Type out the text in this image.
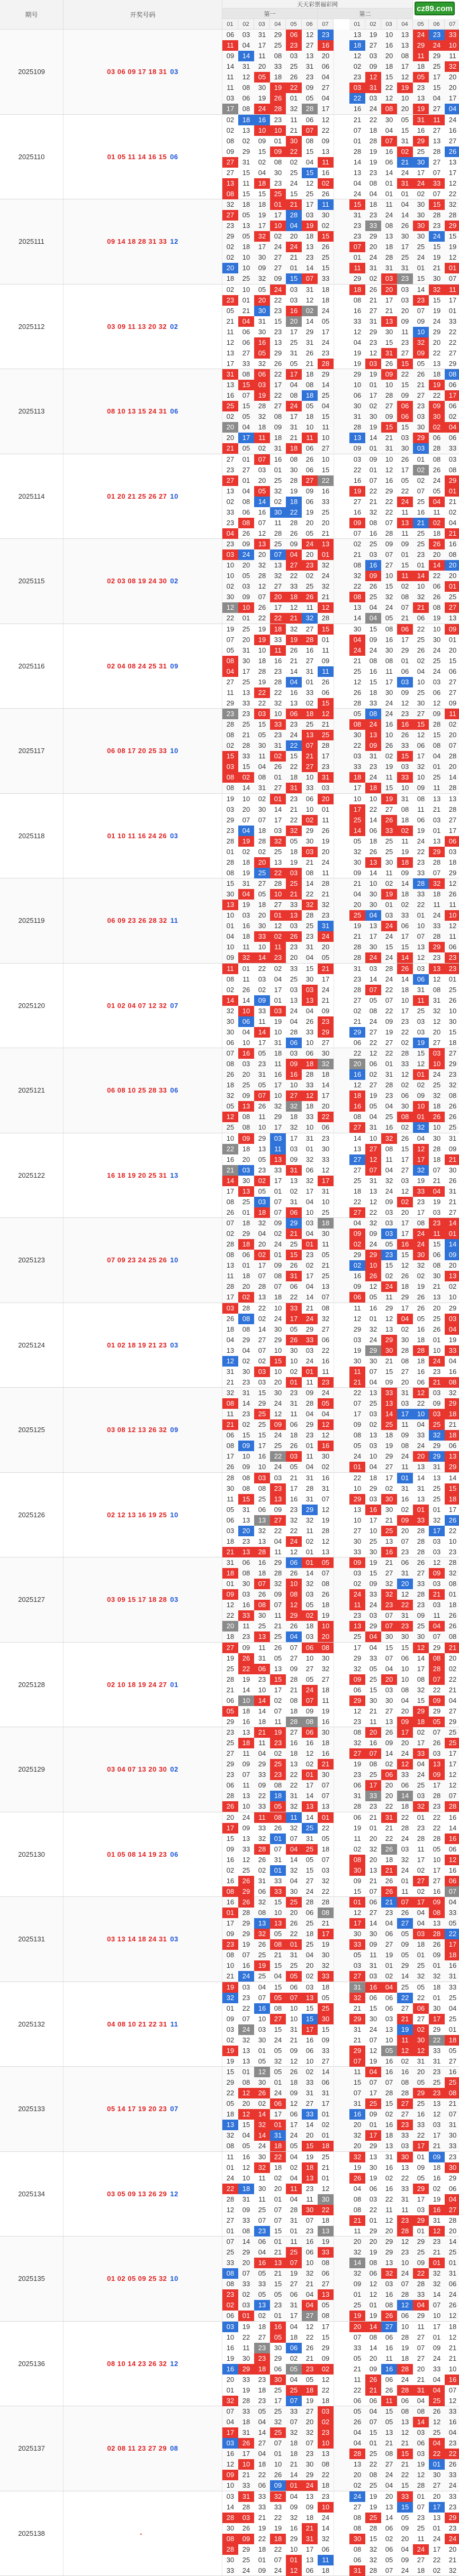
期号	开奖号码
天天彩票福彩网
第一	第二
01	02	03	04	05	06	07	01	02	03	04	05	06	07
cz89.com
2025109	03 06 09 17 18 31 03
06	03	31	29	06	12	23	13	19	10	13	24	23	33
11	04	17	25	23	27	16	18	27	16	13	29	24	10
09	14	11	08	03	13	20	12	03	20	08	11	29	11
14	31	20	33	25	31	06	02	09	18	17	18	25	32
11	12	05	18	26	23	04	23	12	15	12	05	17	20
11	08	30	19	22	09	27	03	31	22	19	23	15	20
03	06	19	26	01	05	04	22	03	12	10	13	04	17
17	08	24	28	32	28	17	16	24	08	20	19	27	04
2025110	01 05 11 14 16 15 06
02	18	16	23	11	06	12	21	22	30	05	31	11	24
02	13	10	10	21	07	22	07	18	04	15	16	27	16
08	02	09	01	30	08	09	01	28	07	31	29	13	27
09	29	15	09	22	15	13	28	19	16	02	25	28	26
27	31	02	08	02	04	11	14	19	06	21	30	27	13
27	15	04	30	25	15	16	13	23	14	24	17	07	17
13	11	18	23	24	12	02	04	08	01	31	24	33	12
08	15	15	25	15	25	26	24	04	01	01	02	07	22
2025111	09 14 18 28 31 33 12
32	18	18	01	21	17	11	15	18	11	04	30	15	32
27	05	19	17	28	03	30	31	23	24	14	30	28	28
23	13	17	10	04	19	02	23	33	08	26	30	23	29
29	05	32	02	20	18	15	23	29	13	30	30	24	15
02	18	17	24	24	13	26	07	20	18	17	25	15	19
02	10	30	27	21	23	25	01	24	28	25	24	19	12
20	10	09	27	01	14	15	11	31	31	31	01	21	01
18	25	32	09	15	07	33	29	02	03	23	15	30	07
2025112	03 09 11 13 20 32 02
02	10	05	24	03	31	18	18	26	20	03	14	32	11
23	01	20	22	03	12	18	08	21	17	03	23	15	17
05	21	30	23	16	02	24	16	27	21	20	07	19	01
21	04	31	15	20	14	05	33	31	13	09	09	24	33
11	06	30	23	17	29	17	12	29	30	11	10	29	22
12	06	16	13	25	31	24	04	23	15	23	32	20	22
13	27	05	29	31	26	23	19	12	31	27	09	22	27
17	33	32	26	05	21	28	19	03	26	15	05	13	29
2025113	08 10 13 15 24 31 06
31	08	06	22	17	18	29	29	19	09	22	26	18	08
13	15	03	17	04	08	14	10	01	10	15	21	19	06
16	07	19	22	08	18	25	06	17	28	09	27	22	17
25	15	28	27	24	05	04	30	02	27	06	23	09	06
02	05	32	08	17	18	15	31	30	09	06	03	30	02
20	04	18	09	31	10	11	28	19	15	15	30	02	04
20	17	11	18	21	11	10	13	14	21	03	29	06	06
21	05	02	31	18	06	27	09	01	31	30	03	28	33
2025114	01 20 21 25 26 27 10
27	01	07	16	08	26	10	03	09	10	26	01	08	03
23	27	03	01	30	06	15	22	01	12	17	02	26	08
27	01	20	25	28	27	22	16	07	16	05	02	24	29
13	04	05	32	19	09	16	19	22	29	22	07	05	01
02	08	14	02	18	06	33	27	21	22	24	25	04	21
33	06	16	30	22	19	25	16	32	22	11	16	11	02
23	08	07	11	28	20	20	09	08	07	13	21	02	04
04	26	12	28	26	05	21	07	16	28	11	25	18	21
2025115	02 03 08 19 24 30 02
23	09	13	25	09	24	13	02	25	09	09	25	26	16
03	24	20	07	04	20	01	21	03	07	01	23	20	08
10	20	32	13	27	23	32	08	16	27	15	01	14	20
10	05	28	32	22	02	24	32	09	10	11	14	22	20
02	03	12	27	33	25	32	22	26	15	02	10	06	01
30	09	07	20	18	26	21	08	25	32	08	32	26	25
12	10	26	17	12	11	12	13	04	24	07	21	08	27
22	01	22	22	21	32	28	14	04	05	21	06	19	13
2025116	02 04 08 24 25 31 09
19	25	19	18	32	27	15	30	15	08	06	22	10	09
07	20	19	33	19	28	01	04	09	16	17	25	30	01
05	31	10	11	26	16	11	24	24	30	29	26	24	20
08	30	18	16	21	27	09	21	08	08	01	02	25	15
04	17	28	23	14	31	11	25	16	11	06	04	24	06
27	25	19	28	04	01	26	12	15	17	03	10	03	27
11	13	22	22	16	33	06	26	18	30	09	25	06	27
29	33	22	32	13	02	15	28	33	24	12	30	12	09
2025117	06 08 17 20 25 33 10
23	23	03	10	06	18	12	05	08	24	23	27	09	11
28	25	15	33	23	25	21	08	24	16	16	15	28	02
08	21	05	23	24	13	25	30	13	10	26	12	15	20
02	28	30	31	22	07	28	22	09	26	33	06	08	07
15	33	11	02	15	21	17	03	31	02	15	17	04	28
03	15	04	26	22	27	23	33	23	19	03	32	01	20
08	02	08	01	18	10	31	18	24	11	33	10	25	14
08	14	31	27	31	33	03	17	18	15	10	09	11	28
2025118	01 10 11 16 24 26 03
19	10	02	01	23	06	20	10	10	19	31	08	13	13
03	20	30	14	21	10	01	17	22	27	08	11	21	28
29	07	07	17	22	02	11	25	14	26	18	06	03	27
23	04	18	03	32	29	26	14	06	33	02	19	01	17
28	19	28	32	05	30	19	05	18	25	11	24	13	06
01	02	02	25	18	03	20	32	26	25	19	22	29	03
28	18	20	13	19	21	24	30	13	30	18	23	28	18
08	19	25	22	03	08	11	09	14	11	09	33	07	29
2025119	06 09 23 26 28 32 11
15	31	27	28	25	14	28	21	10	02	14	28	32	12
30	04	05	10	21	22	21	04	30	19	18	33	18	26
13	19	18	27	33	32	32	20	30	01	02	22	11	11
10	03	20	01	13	28	23	25	04	03	33	01	24	10
01	16	30	12	03	25	31	19	13	24	06	10	33	12
04	18	33	02	26	23	24	21	17	24	17	07	28	11
10	11	10	11	23	31	20	28	30	15	15	13	29	06
09	32	14	23	20	04	05	28	24	24	14	12	23	23
2025120	01 02 04 07 12 32 07
11	01	22	02	33	15	21	31	03	28	26	03	13	23
08	11	03	04	25	30	17	23	14	24	14	06	12	01
02	26	02	17	03	03	24	28	07	22	18	31	08	25
14	14	09	01	13	13	21	27	05	07	10	11	31	26
32	10	33	03	24	04	09	02	08	22	17	25	32	10
30	06	11	19	04	26	23	21	24	09	23	03	12	30
30	04	14	10	28	33	29	29	27	19	22	03	20	15
06	10	17	31	06	10	27	06	22	27	02	19	27	18
2025121	06 08 10 25 28 33 06
07	16	05	18	03	06	30	22	12	22	28	15	03	27
08	03	23	11	09	18	32	20	06	01	33	12	10	29
26	20	31	16	16	28	18	16	02	31	12	01	24	23
18	25	05	17	10	33	14	12	27	28	02	02	25	32
32	09	07	10	27	12	17	18	19	23	06	09	32	08
05	13	26	32	32	18	20	16	05	04	30	10	18	26
12	08	11	29	18	33	22	08	04	25	08	01	26	26
25	08	10	17	32	10	06	27	31	16	02	32	10	25
2025122	16 18 19 20 25 31 13
10	09	29	03	17	31	23	14	10	32	26	04	30	31
22	18	13	11	03	01	30	13	27	08	15	12	28	09
16	20	05	13	09	32	33	27	12	11	17	17	18	21
21	03	23	33	31	06	12	27	07	04	27	32	07	30
14	30	02	17	13	32	17	25	31	32	03	19	21	26
17	13	05	01	02	17	31	18	13	24	12	33	04	31
08	25	03	07	31	04	10	22	12	09	02	23	19	21
26	01	18	07	06	10	25	27	22	03	20	17	03	27
2025123	07 09 23 24 25 26 10
07	18	32	09	29	03	18	04	32	03	17	08	23	14
02	29	04	02	21	04	30	09	09	03	17	24	11	01
28	18	20	24	25	01	11	02	24	05	16	24	15	14
08	06	02	01	15	23	05	29	29	23	15	30	06	09
13	01	17	09	26	02	21	02	10	15	12	32	08	20
11	18	07	08	31	17	25	16	26	02	26	02	30	13
28	20	28	07	06	04	13	09	12	24	18	19	21	02
17	02	13	18	22	14	07	06	05	11	29	26	13	10
2025124	01 02 18 19 21 23 03
03	28	22	10	33	21	08	11	16	29	17	26	20	29
26	08	02	24	17	24	32	12	01	12	04	05	25	03
18	08	14	30	05	29	27	29	32	13	02	16	26	04
04	29	27	29	26	33	06	03	24	29	30	18	01	19
13	04	07	10	30	03	22	19	29	30	28	28	10	33
12	02	02	15	10	24	16	30	30	21	08	18	24	04
31	30	03	10	02	01	11	11	07	15	27	16	23	16
21	23	03	20	01	11	23	21	04	09	20	06	21	08
2025125	03 08 12 13 26 32 09
32	31	15	30	23	09	24	22	13	33	31	12	03	32
08	14	29	24	31	28	05	07	25	13	03	22	09	29
11	23	25	12	11	04	04	17	03	14	17	10	03	18
21	02	25	09	06	29	12	09	02	25	11	04	25	21
06	15	15	24	18	23	12	08	13	18	09	33	32	18
08	09	17	25	26	01	16	05	03	19	08	24	29	06
17	10	16	22	03	11	30	24	10	29	24	20	29	13
26	09	10	24	05	04	02	01	04	27	11	13	31	29
2025126	02 12 13 16 19 25 10
28	08	03	03	21	31	16	22	18	17	01	14	13	14
30	08	08	23	17	28	31	10	29	02	31	31	25	15
11	15	25	13	16	31	07	29	03	30	16	13	25	18
05	31	06	09	23	29	12	13	16	30	02	01	01	17
06	13	13	27	32	32	19	10	17	21	09	33	32	26
03	20	32	22	22	11	28	27	10	25	20	28	17	22
18	23	13	04	24	02	12	30	25	13	07	28	03	10
21	13	28	11	12	01	13	33	30	16	23	28	03	23
2025127	03 09 15 17 18 28 03
31	06	16	29	06	01	05	09	19	21	06	26	12	28
18	08	18	28	26	14	07	03	15	27	31	27	09	32
01	30	07	32	10	32	08	02	09	32	20	33	03	08
09	03	26	09	08	03	26	24	33	32	12	28	21	01
12	16	08	07	12	05	18	11	24	23	22	23	03	18
22	33	30	11	29	02	19	23	03	07	31	09	11	26
20	11	25	21	26	18	10	13	29	07	23	25	04	26
18	23	13	25	04	03	20	25	04	30	30	30	07	08
2025128	02 10 18 19 24 27 01
27	09	11	26	07	06	08	17	04	15	15	12	29	21
19	26	31	05	27	10	30	29	33	07	06	14	08	20
25	22	06	13	09	27	32	32	05	04	10	17	28	02
28	19	23	15	28	05	27	09	25	20	10	08	07	22
21	14	10	17	21	24	18	06	15	03	08	32	22	21
06	10	14	02	08	07	11	29	30	30	04	15	09	04
05	18	14	07	18	09	19	12	21	27	20	29	29	27
29	16	18	11	28	08	16	23	11	13	09	18	05	29
2025129	03 04 07 13 20 30 02
23	13	21	19	27	06	30	08	20	26	17	02	07	25
25	18	11	23	16	16	18	32	16	09	20	17	26	25
27	11	04	02	18	12	16	27	07	14	24	33	03	17
29	09	29	25	13	02	21	19	08	02	12	04	13	17
23	07	33	23	22	01	30	23	25	06	33	24	09	12
06	11	09	08	22	17	07	06	17	20	06	25	17	12
28	13	22	18	31	14	07	31	33	20	14	03	28	07
26	10	33	05	32	13	13	28	23	22	18	32	23	28
2025130	01 05 08 14 19 23 06
20	24	11	08	11	14	01	06	21	31	22	01	22	16
17	09	33	26	32	25	22	19	01	21	28	23	22	14
15	13	32	01	07	31	05	11	20	22	24	28	28	16
09	33	28	07	04	25	18	02	32	26	03	11	05	06
16	12	26	31	14	05	07	08	20	18	32	17	10	12
02	25	02	01	32	15	03	30	13	21	24	02	17	16
16	26	31	33	04	27	32	09	21	26	01	27	27	06
08	29	06	33	30	24	22	15	07	26	11	02	16	07
2025131	03 13 14 18 24 31 03
16	26	32	15	25	28	28	01	06	21	07	17	09	04
01	28	08	10	20	06	08	12	27	23	26	04	08	33
17	29	13	13	26	25	21	17	14	04	27	04	13	05
09	29	32	05	22	18	17	30	30	06	05	03	28	22
23	19	26	08	01	25	19	33	09	27	09	18	26	17
08	07	25	21	31	04	30	05	11	19	05	01	09	18
10	16	19	15	25	20	32	03	31	01	29	25	01	16
21	24	25	04	05	02	33	27	03	02	14	32	32	31
2025132	04 08 10 21 22 31 11
19	03	04	15	06	03	18	31	16	04	25	05	18	33
32	23	07	05	07	13	05	32	06	06	22	22	01	25
01	22	16	08	10	15	25	21	15	06	27	06	30	04
09	07	10	27	10	15	30	29	30	03	21	27	17	25
03	24	03	15	31	17	15	31	24	13	19	02	29	01
02	32	30	24	21	16	09	21	07	10	11	30	22	18
19	13	01	05	09	06	33	29	12	05	12	12	33	05
19	13	05	32	12	10	27	07	19	16	02	31	31	27
2025133	05 14 17 19 20 23 07
15	01	12	05	26	02	14	11	04	16	16	20	23	16
29	08	30	01	18	33	06	15	07	07	08	05	25	25
22	12	26	24	09	31	31	07	17	28	28	29	23	08
05	20	02	06	12	27	17	31	25	15	27	25	13	21
18	12	14	17	06	33	01	16	09	02	27	16	12	07
13	15	32	01	17	14	02	20	01	16	23	33	03	31
32	04	14	31	24	20	01	32	17	18	33	22	17	30
08	05	24	18	05	15	18	20	29	13	03	17	21	33
2025134	03 05 09 13 26 29 12
11	16	30	22	04	19	25	32	13	31	30	01	09	23
01	12	32	18	02	18	21	19	30	16	13	09	18	30
24	10	11	02	04	13	01	26	19	02	22	05	16	29
22	18	30	20	11	23	12	04	06	16	33	29	02	06
28	31	11	01	04	11	30	08	03	22	31	17	19	04
12	09	25	07	28	30	22	08	22	11	11	03	16	27
27	33	07	07	31	07	18	21	01	12	23	29	31	28
01	08	23	15	01	23	13	11	29	20	28	01	12	20
2025135	01 02 05 09 25 32 10
07	14	06	01	11	16	19	20	20	29	12	29	23	14
25	29	04	21	25	06	33	32	19	29	23	25	21	25
33	20	16	13	07	10	08	14	08	13	10	09	01	01
08	07	05	21	19	32	06	32	06	32	24	22	32	31
08	33	33	15	27	21	27	09	12	03	07	28	32	06
23	02	05	05	06	04	13	01	12	16	28	33	14	24
02	03	13	23	31	04	05	25	01	08	12	04	07	26
06	01	02	01	17	27	08	19	19	26	06	29	10	12
2025136	08 10 14 23 26 32 12
03	19	18	16	04	12	17	20	14	27	10	11	17	18
10	22	27	05	18	22	15	07	08	06	28	27	01	12
16	11	23	30	06	26	29	33	14	16	19	07	09	21
19	30	23	29	02	21	09	05	20	11	18	27	24	21
16	29	18	06	05	23	02	21	09	16	28	20	33	10
20	33	23	30	04	05	12	11	26	06	24	21	04	16
01	19	18	25	25	18	22	22	21	26	28	31	04	07
32	28	23	17	07	19	18	06	06	11	06	04	25	12
2025137	02 08 11 23 27 29 08
07	33	05	25	33	27	03	05	04	15	08	08	26	33
04	18	04	32	07	20	02	26	07	05	13	14	12	16
17	31	14	25	32	32	23	04	15	13	12	03	25	04
03	26	27	07	18	07	10	04	01	21	21	06	04	23
16	17	04	01	18	23	13	28	25	08	15	03	22	22
12	10	18	10	21	30	08	13	22	27	21	19	01	26
09	21	22	26	14	29	22	20	08	24	22	12	30	33
10	33	06	09	01	24	18	02	25	04	15	28	27	24
2025138	-
03	31	33	32	04	13	23	24	19	20	33	01	20	33
14	28	33	33	09	09	10	27	19	13	15	07	17	23
28	03	21	22	32	18	24	08	25	14	05	23	13	29
30	26	19	19	16	21	14	08	28	06	09	25	01	23
08	09	22	18	29	31	32	30	15	02	20	11	24	24
28	29	18	22	10	17	06	08	32	06	04	24	17	20
30	25	01	07	01	13	11	06	32	05	09	27	22	21
33	24	09	24	12	06	18	31	28	07	24	18	02	32
